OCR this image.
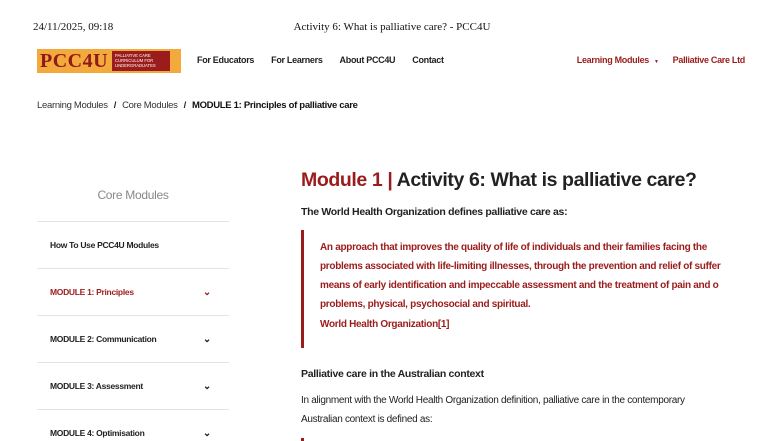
24/11/2025, 09:18	Activity 6: What is palliative care? - PCC4U
PCC4U	PALLIATIVE CARE CURRICULUM FOR UNDERGRADUATES
For Educators For Learners About PCC4U Contact	Learning Modules ▼ Palliative Care Ltd
Learning Modules / Core Modules / MODULE 1: Principles of palliative care
Core Modules
How To Use PCC4U Modules
MODULE 1: Principles	⌄
MODULE 2: Communication	⌄
MODULE 3: Assessment	⌄
MODULE 4: Optimisation	⌄
Module 1 | Activity 6: What is palliative care?
The World Health Organization defines palliative care as:
An approach that improves the quality of life of individuals and their families facing the
problems associated with life-limiting illnesses, through the prevention and relief of suffer
means of early identification and impeccable assessment and the treatment of pain and o
problems, physical, psychosocial and spiritual.
World Health Organization[1]
Palliative care in the Australian context
In alignment with the World Health Organization definition, palliative care in the contemporary
Australian context is defined as:
